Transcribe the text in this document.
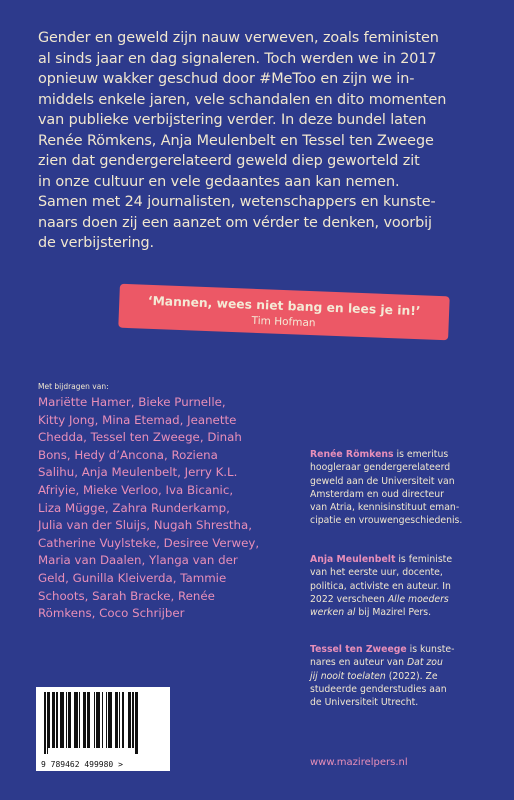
Gender en geweld zijn nauw verweven, zoals feministen
al sinds jaar en dag signaleren. Toch werden we in 2017
opnieuw wakker geschud door #MeToo en zijn we in-
middels enkele jaren, vele schandalen en dito momenten
van publieke verbijstering verder. In deze bundel laten
Renée Römkens, Anja Meulenbelt en Tessel ten Zweege
zien dat gendergerelateerd geweld diep geworteld zit
in onze cultuur en vele gedaantes aan kan nemen.
Samen met 24 journalisten, wetenschappers en kunste-
naars doen zij een aanzet om vérder te denken, voorbij
de verbijstering.
‘Mannen, wees niet bang en lees je in!’
Tim Hofman

Met bijdragen van:

Mariëtte Hamer, Bieke Purnelle,
Kitty Jong, Mina Etemad, Jeanette
Chedda, Tessel ten Zweege, Dinah
Bons, Hedy d’Ancona, Roziena
Salihu, Anja Meulenbelt, Jerry K.L.
Afriyie, Mieke Verloo, Iva Bicanic,
Liza Mügge, Zahra Runderkamp,
Julia van der Sluijs, Nugah Shrestha,
Catherine Vuylsteke, Desiree Verwey,
Maria van Daalen, Ylanga van der
Geld, Gunilla Kleiverda, Tammie
Schoots, Sarah Bracke, Renée
Römkens, Coco Schrijber
Renée Römkens is emeritus
hoogleraar gendergerelateerd
geweld aan de Universiteit van
Amsterdam en oud directeur
van Atria, kennisinstituut eman-
cipatie en vrouwengeschiedenis.
Anja Meulenbelt is feministe
van het eerste uur, docente,
politica, activiste en auteur. In
2022 verscheen Alle moeders
werken al bij Mazirel Pers.
Tessel ten Zweege is kunste-
nares en auteur van Dat zou
jij nooit toelaten (2022). Ze
studeerde genderstudies aan
de Universiteit Utrecht.
9 789462 499980 >	www.mazirelpers.nl
